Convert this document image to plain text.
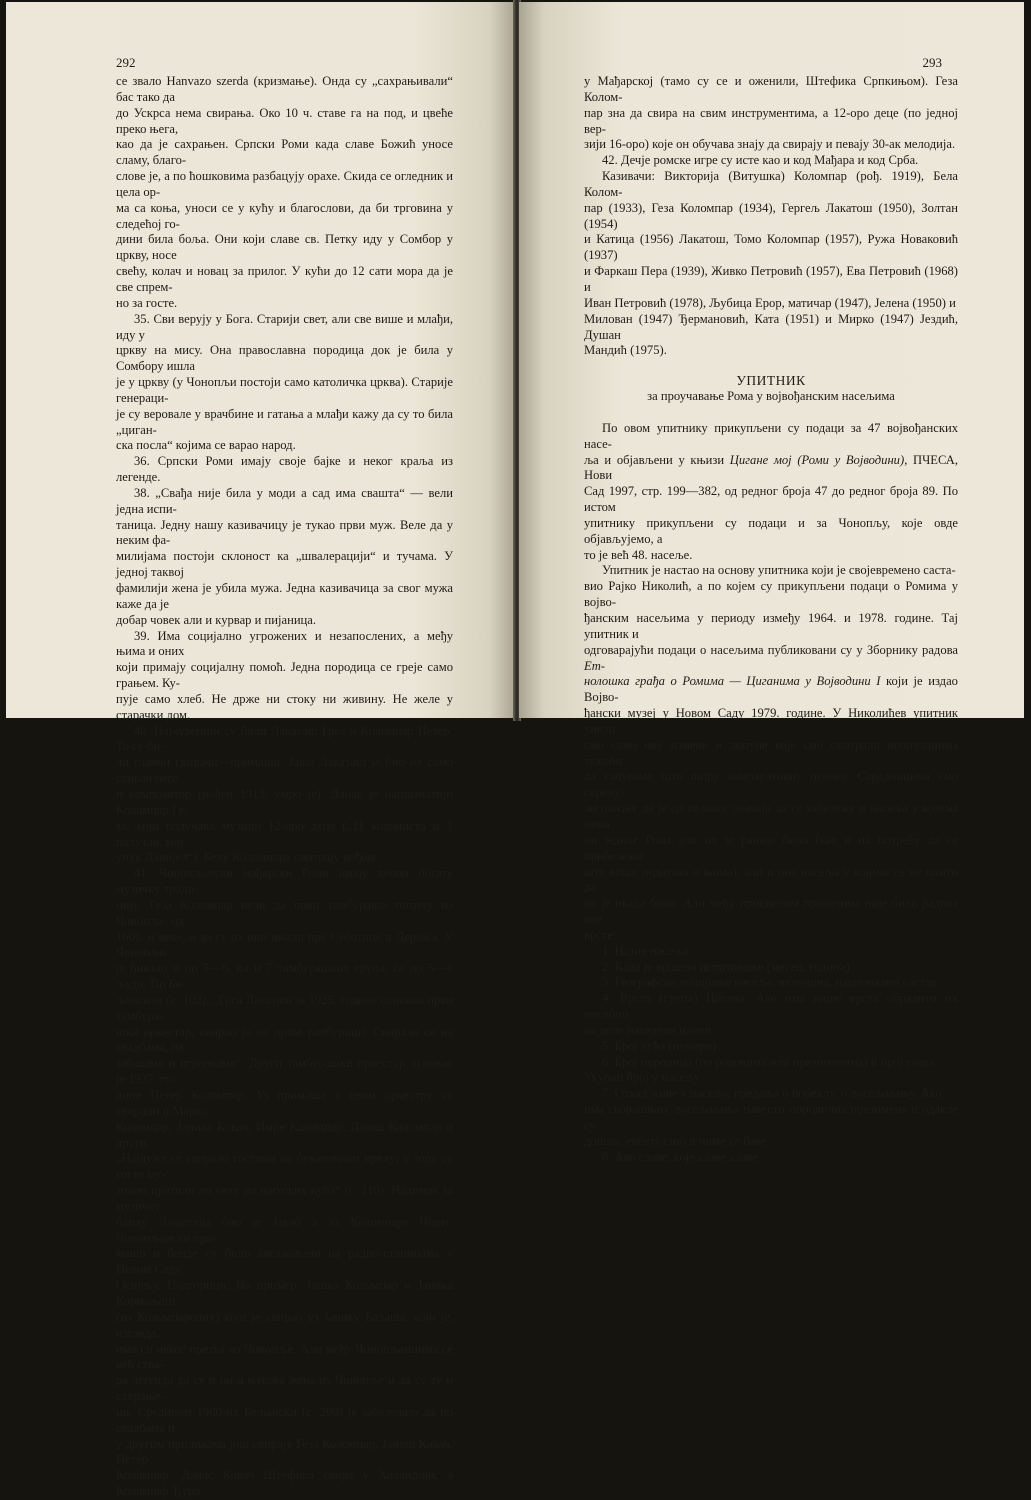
292

се звало Hanvazo szerda (кризмање). Онда су „сахрањивали“ бас тако да

до Ускрса нема свирања. Око 10 ч. ставе га на под, и цвеће преко њега,

као да је сахрањен. Српски Роми када славе Божић уносе сламу, благо-

слове је, а по ћошковима разбацују орахе. Скида се огледник и цела ор-

ма са коња, уноси се у кућу и благослови, да би трговина у следећој го-

дини била боља. Они који славе св. Петку иду у Сомбор у цркву, носе

свећу, колач и новац за прилог. У кући до 12 сати мора да је све спрем-

но за госте.

35. Сви верују у Бога. Старији свет, али све више и млађи, иду у

цркву на мису. Она православна породица док је била у Сомбору ишла

је у цркву (у Чонопљи постоји само католичка црква). Старије генераци-

је су веровале у врачбине и гатања а млађи кажу да су то била „циган-

ска посла“ којима се варао народ.

36. Српски Роми имају своје бајке и неког краља из легенде.

38. „Свађа није била у моди а сад има свашта“ — вели једна испи-

таница. Једну нашу казивачицу је тукао први муж. Веле да у неким фа-

милијама постоји склоност ка „швалерацији“ и тучама. У једној таквој

фамилији жена је убила мужа. Једна казивачица за свог мужа каже да је

добар човек али и курвар и пијаница.

39. Има социјално угрожених и незапослених, а међу њима и оних

који примају социјалну помоћ. Једна породица се греје само грањем. Ку-

пује само хлеб. Не држе ни стоку ни живину. Не желе у старачки дом.

40. Најчувенији су били Лакатош Грга и Коломпар Петер. То су би-

ли главни свирачи—примаши. Јаша Лакатош је био не само свирач него

и композитор (рођен 1913, умро је). Данас је најпознатији Коломпар Ге-

за, који подучава музици 12-оро деце („11 колониста и 1 полутан, мој

унук Данијел“). Белу Коломпара сматрају вођом.

41. Чонопљански мађарски Роми имају веома богату музичку тради-

цију. Геза Коломпар вели да први тамбураши потичу из Чонопље, од

1600. и неке, и да су их они имали пре Суботице и Дероња. У Чонопљи

је бивало и по 5—6, па и 7 тамбурашких група, са по 5—6 људи. По Бе-

љанском (с. 102), „Грга Лакатош је 1925. године основао први тамбура-

шки оркестар, свирао је на прим тамбурици. Свирало се на свадбама, на

забавама и игранкама“. Други тамбурашки оркестар основао је 1937. го-

дине Петер Коломпар. Уз примаша у овом оркестру су свирали и Марко

Коломпар, Јаника Ковач, Имре Коломпар, Лајош Коломпар и други.

„Најдуже се свирало гостима на буњевачком прелу; у зору су госте му-

зиком пратили по селу до њихових кућа“ (с. 110). Надимак за музичку

банду Лакатоша био је Јакаб а за Коломпаре Чивег. Чонопљански при-

маши и банде су били ангажовани на радио-станицама у Новом Саду,

Осијеку, Подгорици. На пример, Јошка Коломпар и Јаника Кормањош

(из Коломпарових) који је свирао уз Јанику Балаша, који је, изгледа,

имао и неког претка из Чонопље. Али међу Чонопљанцима се већ ства-

ра легенда да су и он и његова жена из Чонопље и да су ту и сахрање-

ни. Средином 1980-их Бељански (с. 209) је забележио да по свадбама и

у другим приликама још свирају Геза Коломпар, Јанош Ковач, Петер

Коломпар. Данас Ковач Штефика свира у Холандији, а Коломпар Ђуро

293

у Мађарској (тамо су се и оженили, Штефика Српкињом). Геза Колом-

пар зна да свира на свим инструментима, а 12-оро деце (по једној вер-

зији 16-оро) које он обучава знају да свирају и певају 30-ак мелодија.

42. Дечје ромске игре су исте као и код Мађара и код Срба.

Казивачи: Викторија (Витушка) Коломпар (рођ. 1919), Бела Колом-

пар (1933), Геза Коломпар (1934), Гергељ Лакатош (1950), Золтан (1954)

и Катица (1956) Лакатош, Томо Коломпар (1957), Ружа Новаковић (1937)

и Фаркаш Пера (1939), Живко Петровић (1957), Ева Петровић (1968) и

Иван Петровић (1978), Љубица Ерор, матичар (1947), Јелена (1950) и

Милован (1947) Ђермановић, Ката (1951) и Мирко (1947) Јездић, Душан

Мандић (1975).

УПИТНИК

за проучавање Рома у војвођанским насељима

По овом упитнику прикупљени су подаци за 47 војвођанских насе-

ља и објављени у књизи Цигане мој (Роми у Војводини), ПЧЕСА, Нови

Сад 1997, стр. 199—382, од редног броја 47 до редног броја 89. По истом

упитнику прикупљени су подаци и за Чонопљу, које овде објављујемо, а

то је већ 48. насеље.

Упитник је настао на основу упитника који је својевремено саста-

вио Рајко Николић, а по којем су прикупљени подаци о Ромима у војво-

ђанским насељима у периоду између 1964. и 1978. године. Тај упитник и

одговарајући подаци о насељима публиковани су у Зборнику радова Ет-

нолошка грађа о Ромима — Циганима у Војводини I који је издао Војво-

ђански музеј у Новом Саду 1979. године. У Николићев упитник унели

смо само оне измене и допуне које смо сматрали неопходнима тежећи

да сачувамо што ширу компаративну основу. Сарадницима смо скрену-

ли пажњу да је од великог значаја да се забележе и насеља у којима нема

ни једног Рома али их је раније било (као и на потребу да се прибележи

што више података о њима), али и она насеља у којима се не памти да

их је икада било. Али међу приспелим прилозима није било радова ове

врсте.

1. Назив насеља
2. Када је вршено испитивање (месец, година)
3. Географско лоцирање насеља, величина, национални састав
4. Врста (група) Цигана. Ако има више врста обрадити их посебно
на доле наведени начин
5. Број кућа (нумери)
6. Број породица (по родовима или презименима) и број глава.
Укупан број у насељу
7. Откад живе у насељу, предања о пореклу, о досељавању. Ако
има скорашњих досељавања навести породична презимена и одакле су
дошли, евентуално и чиме се баве
8. Ако славе, које славе славе
